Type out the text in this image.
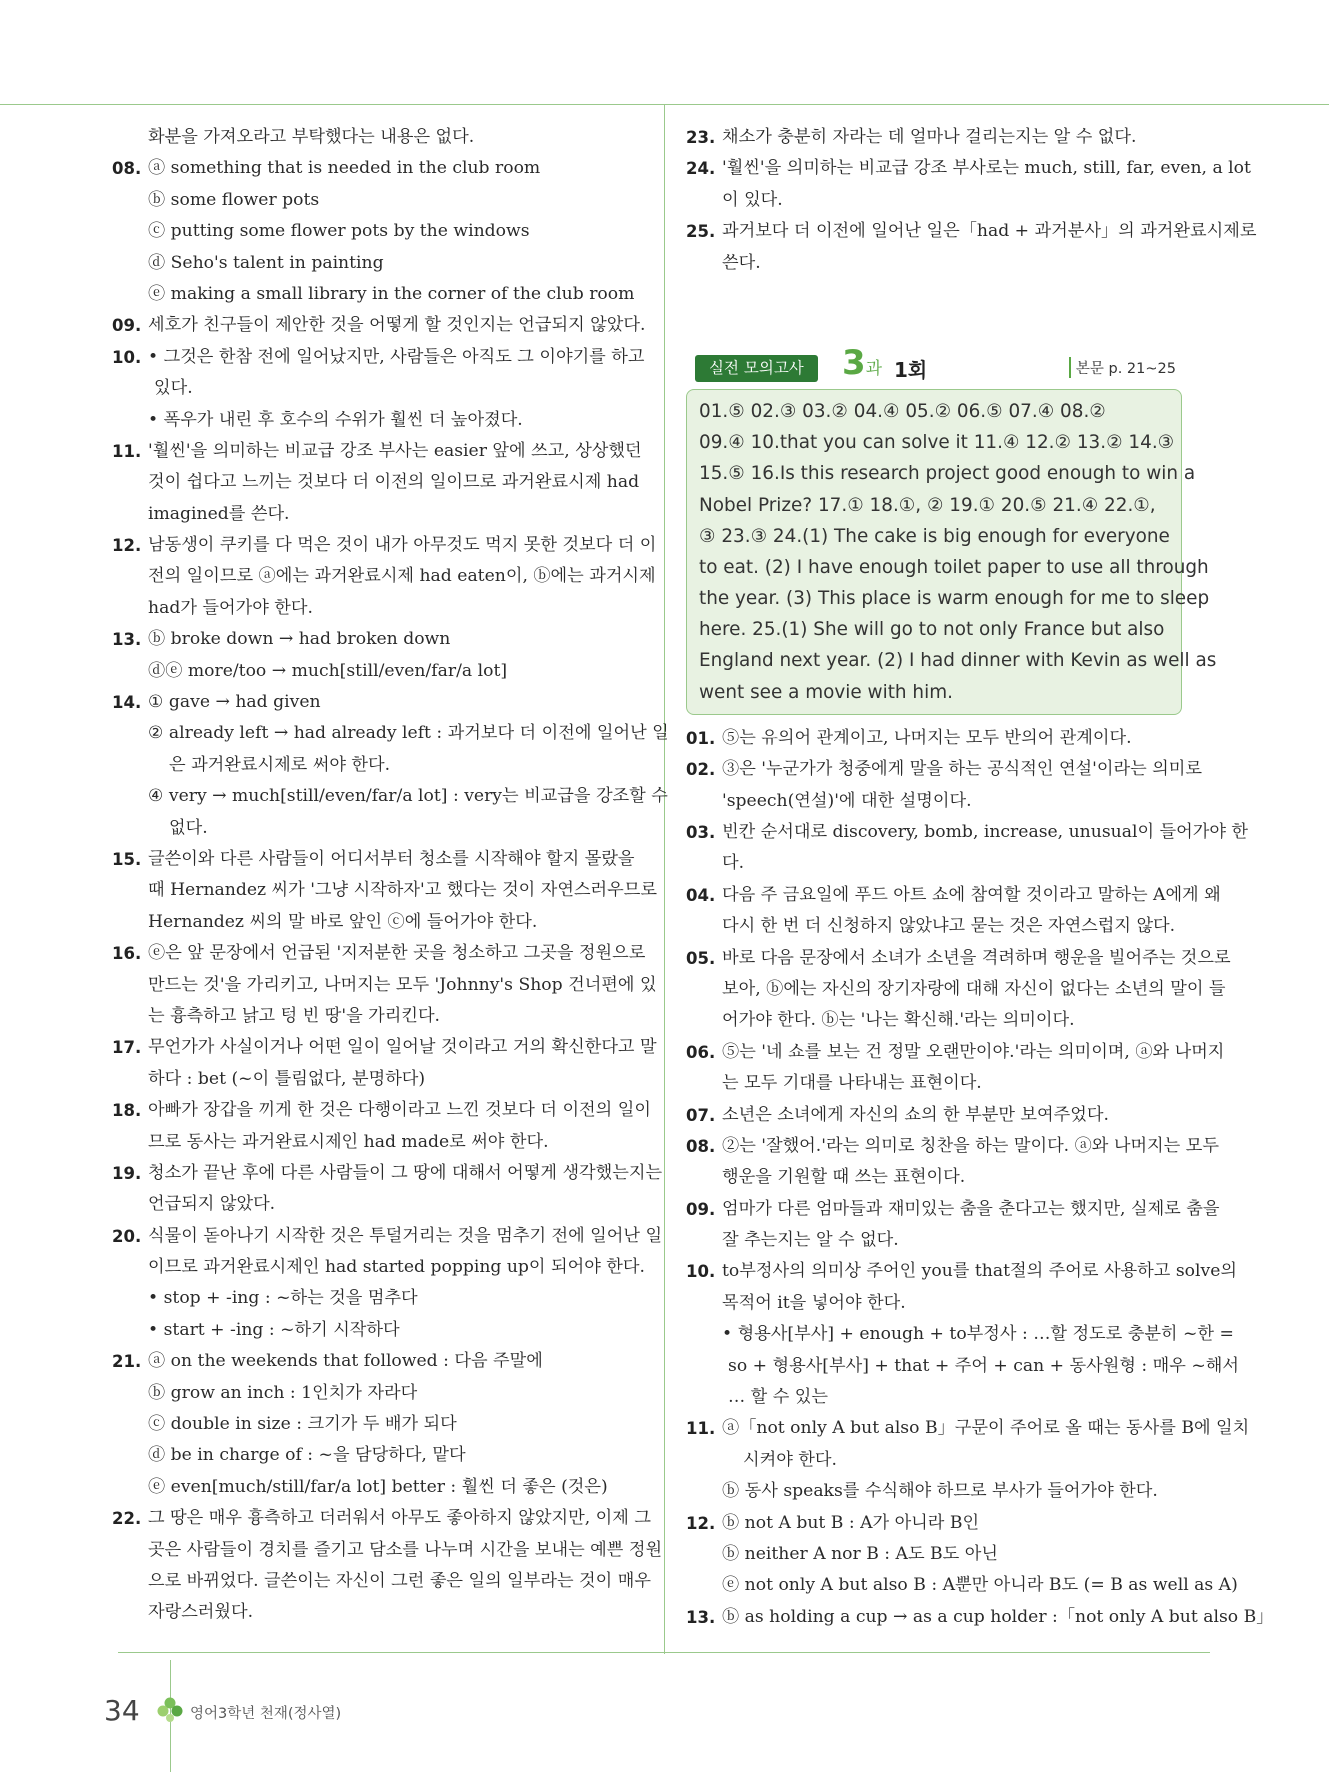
화분을 가져오라고 부탁했다는 내용은 없다.
08. ⓐ something that is needed in the club room
ⓑ some flower pots
ⓒ putting some flower pots by the windows
ⓓ Seho's talent in painting
ⓔ making a small library in the corner of the club room
09. 세호가 친구들이 제안한 것을 어떻게 할 것인지는 언급되지 않았다.
10. • 그것은 한참 전에 일어났지만, 사람들은 아직도 그 이야기를 하고
있다.
• 폭우가 내린 후 호수의 수위가 훨씬 더 높아졌다.
11. '훨씬'을 의미하는 비교급 강조 부사는 easier 앞에 쓰고, 상상했던
것이 쉽다고 느끼는 것보다 더 이전의 일이므로 과거완료시제 had
imagined를 쓴다.
12. 남동생이 쿠키를 다 먹은 것이 내가 아무것도 먹지 못한 것보다 더 이
전의 일이므로 ⓐ에는 과거완료시제 had eaten이, ⓑ에는 과거시제
had가 들어가야 한다.
13. ⓑ broke down → had broken down
ⓓⓔ more/too → much[still/even/far/a lot]
14. ① gave → had given
② already left → had already left : 과거보다 더 이전에 일어난 일
은 과거완료시제로 써야 한다.
④ very → much[still/even/far/a lot] : very는 비교급을 강조할 수
없다.
15. 글쓴이와 다른 사람들이 어디서부터 청소를 시작해야 할지 몰랐을
때 Hernandez 씨가 '그냥 시작하자'고 했다는 것이 자연스러우므로
Hernandez 씨의 말 바로 앞인 ⓒ에 들어가야 한다.
16. ⓔ은 앞 문장에서 언급된 '지저분한 곳을 청소하고 그곳을 정원으로
만드는 것'을 가리키고, 나머지는 모두 'Johnny's Shop 건너편에 있
는 흉측하고 낡고 텅 빈 땅'을 가리킨다.
17. 무언가가 사실이거나 어떤 일이 일어날 것이라고 거의 확신한다고 말
하다 : bet (~이 틀림없다, 분명하다)
18. 아빠가 장갑을 끼게 한 것은 다행이라고 느낀 것보다 더 이전의 일이
므로 동사는 과거완료시제인 had made로 써야 한다.
19. 청소가 끝난 후에 다른 사람들이 그 땅에 대해서 어떻게 생각했는지는
언급되지 않았다.
20. 식물이 돋아나기 시작한 것은 투덜거리는 것을 멈추기 전에 일어난 일
이므로 과거완료시제인 had started popping up이 되어야 한다.
• stop + -ing : ~하는 것을 멈추다
• start + -ing : ~하기 시작하다
21. ⓐ on the weekends that followed : 다음 주말에
ⓑ grow an inch : 1인치가 자라다
ⓒ double in size : 크기가 두 배가 되다
ⓓ be in charge of : ~을 담당하다, 맡다
ⓔ even[much/still/far/a lot] better : 훨씬 더 좋은 (것은)
22. 그 땅은 매우 흉측하고 더러워서 아무도 좋아하지 않았지만, 이제 그
곳은 사람들이 경치를 즐기고 담소를 나누며 시간을 보내는 예쁜 정원
으로 바뀌었다. 글쓴이는 자신이 그런 좋은 일의 일부라는 것이 매우
자랑스러웠다.
23. 채소가 충분히 자라는 데 얼마나 걸리는지는 알 수 없다.
24. '훨씬'을 의미하는 비교급 강조 부사로는 much, still, far, even, a lot
이 있다.
25. 과거보다 더 이전에 일어난 일은「had + 과거분사」의 과거완료시제로
쓴다.
실전 모의고사	3과 1회	본문 p. 21~25
01.⑤ 02.③ 03.② 04.④ 05.② 06.⑤ 07.④ 08.②
09.④ 10.that you can solve it 11.④ 12.② 13.② 14.③
15.⑤ 16.Is this research project good enough to win a
Nobel Prize? 17.① 18.①, ② 19.① 20.⑤ 21.④ 22.①,
③ 23.③ 24.(1) The cake is big enough for everyone
to eat. (2) I have enough toilet paper to use all through
the year. (3) This place is warm enough for me to sleep
here. 25.(1) She will go to not only France but also
England next year. (2) I had dinner with Kevin as well as
went see a movie with him.
01. ⑤는 유의어 관계이고, 나머지는 모두 반의어 관계이다.
02. ③은 '누군가가 청중에게 말을 하는 공식적인 연설'이라는 의미로
'speech(연설)'에 대한 설명이다.
03. 빈칸 순서대로 discovery, bomb, increase, unusual이 들어가야 한
다.
04. 다음 주 금요일에 푸드 아트 쇼에 참여할 것이라고 말하는 A에게 왜
다시 한 번 더 신청하지 않았냐고 묻는 것은 자연스럽지 않다.
05. 바로 다음 문장에서 소녀가 소년을 격려하며 행운을 빌어주는 것으로
보아, ⓑ에는 자신의 장기자랑에 대해 자신이 없다는 소년의 말이 들
어가야 한다. ⓑ는 '나는 확신해.'라는 의미이다.
06. ⑤는 '네 쇼를 보는 건 정말 오랜만이야.'라는 의미이며, ⓐ와 나머지
는 모두 기대를 나타내는 표현이다.
07. 소년은 소녀에게 자신의 쇼의 한 부분만 보여주었다.
08. ②는 '잘했어.'라는 의미로 칭찬을 하는 말이다. ⓐ와 나머지는 모두
행운을 기원할 때 쓰는 표현이다.
09. 엄마가 다른 엄마들과 재미있는 춤을 춘다고는 했지만, 실제로 춤을
잘 추는지는 알 수 없다.
10. to부정사의 의미상 주어인 you를 that절의 주어로 사용하고 solve의
목적어 it을 넣어야 한다.
• 형용사[부사] + enough + to부정사 : …할 정도로 충분히 ~한 =
so + 형용사[부사] + that + 주어 + can + 동사원형 : 매우 ~해서
… 할 수 있는
11. ⓐ「not only A but also B」구문이 주어로 올 때는 동사를 B에 일치
시켜야 한다.
ⓑ 동사 speaks를 수식해야 하므로 부사가 들어가야 한다.
12. ⓑ not A but B : A가 아니라 B인
ⓑ neither A nor B : A도 B도 아닌
ⓔ not only A but also B : A뿐만 아니라 B도 (= B as well as A)
13. ⓑ as holding a cup → as a cup holder :「not only A but also B」
34	영어3학년 천재(정사열)
